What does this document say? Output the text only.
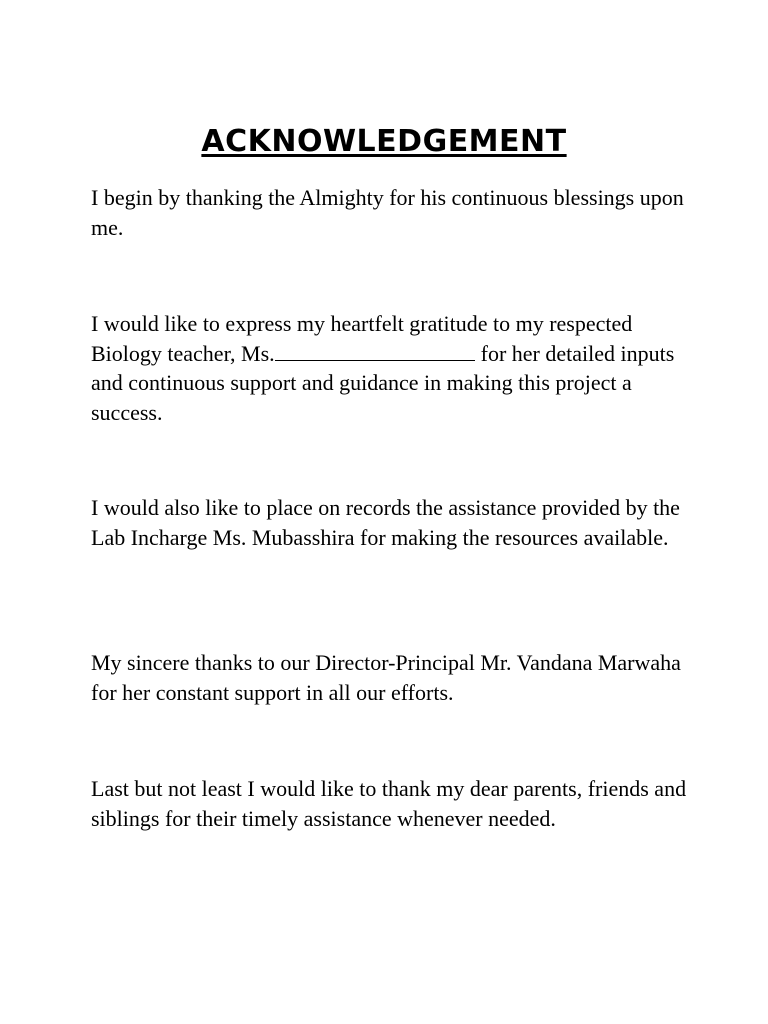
ACKNOWLEDGEMENT

I begin by thanking the Almighty for his continuous blessings upon me.

I would like to express my heartfelt gratitude to my respected Biology teacher, Ms.	for her detailed inputs and continuous support and guidance in making this project a success.

I would also like to place on records the assistance provided by the Lab Incharge Ms. Mubasshira for making the resources available.

My sincere thanks to our Director-Principal Mr. Vandana Marwaha for her constant support in all our efforts.

Last but not least I would like to thank my dear parents, friends and siblings for their timely assistance whenever needed.
